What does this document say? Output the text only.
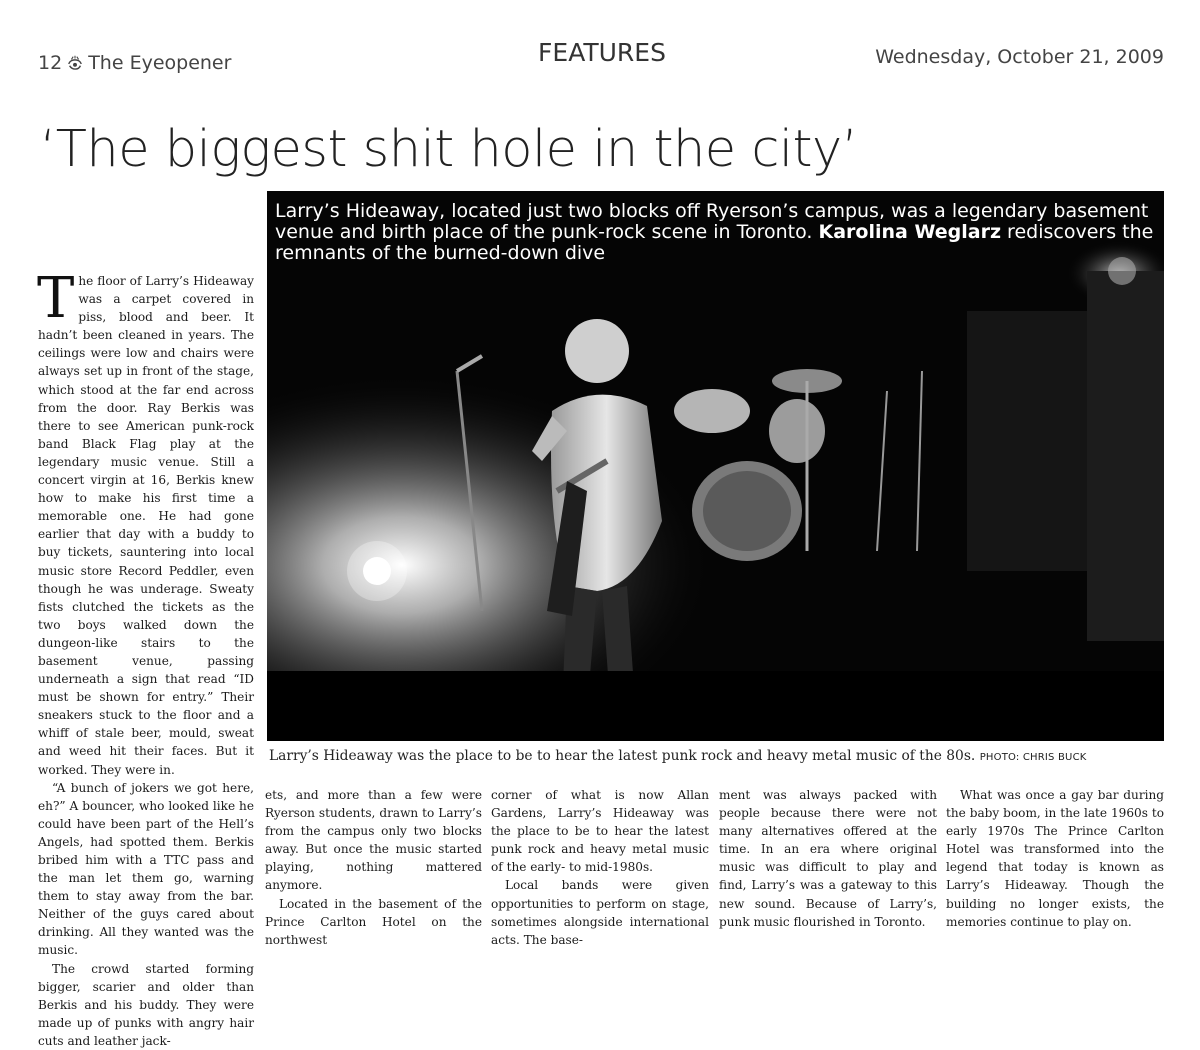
12 The Eyeopener	FEATURES	Wednesday, October 21, 2009
‘The biggest shit hole in the city’
Larry’s Hideaway, located just two blocks off Ryerson’s campus, was a legendary basement venue and birth place of the punk-rock scene in Toronto. Karolina Weglarz rediscovers the remnants of the burned-down dive
Larry’s Hideaway was the place to be to hear the latest punk rock and heavy metal music of the 80s. PHOTO: CHRIS BUCK

The floor of Larry’s Hideaway was a carpet covered in piss, blood and beer. It hadn’t been cleaned in years. The ceilings were low and chairs were always set up in front of the stage, which stood at the far end across from the door. Ray Berkis was there to see American punk-rock band Black Flag play at the legendary music venue. Still a concert virgin at 16, Berkis knew how to make his first time a memorable one. He had gone earlier that day with a buddy to buy tickets, sauntering into local music store Record Peddler, even though he was underage. Sweaty fists clutched the tickets as the two boys walked down the dungeon-like stairs to the basement venue, passing underneath a sign that read “ID must be shown for entry.” Their sneakers stuck to the floor and a whiff of stale beer, mould, sweat and weed hit their faces. But it worked. They were in.

“A bunch of jokers we got here, eh?” A bouncer, who looked like he could have been part of the Hell’s Angels, had spotted them. Berkis bribed him with a TTC pass and the man let them go, warning them to stay away from the bar. Neither of the guys cared about drinking. All they wanted was the music.

The crowd started forming bigger, scarier and older than Berkis and his buddy. They were made up of punks with angry hair cuts and leather jack-

ets, and more than a few were Ryerson students, drawn to Larry’s from the campus only two blocks away. But once the music started playing, nothing mattered anymore.

Located in the basement of the Prince Carlton Hotel on the northwest

corner of what is now Allan Gardens, Larry’s Hideaway was the place to be to hear the latest punk rock and heavy metal music of the early- to mid-1980s.

Local bands were given opportunities to perform on stage, sometimes alongside international acts. The base-

ment was always packed with people because there were not many alternatives offered at the time. In an era where original music was difficult to play and find, Larry’s was a gateway to this new sound. Because of Larry’s, punk music flourished in Toronto.

What was once a gay bar during the baby boom, in the late 1960s to early 1970s The Prince Carlton Hotel was transformed into the legend that today is known as Larry’s Hideaway. Though the building no longer exists, the memories continue to play on.
